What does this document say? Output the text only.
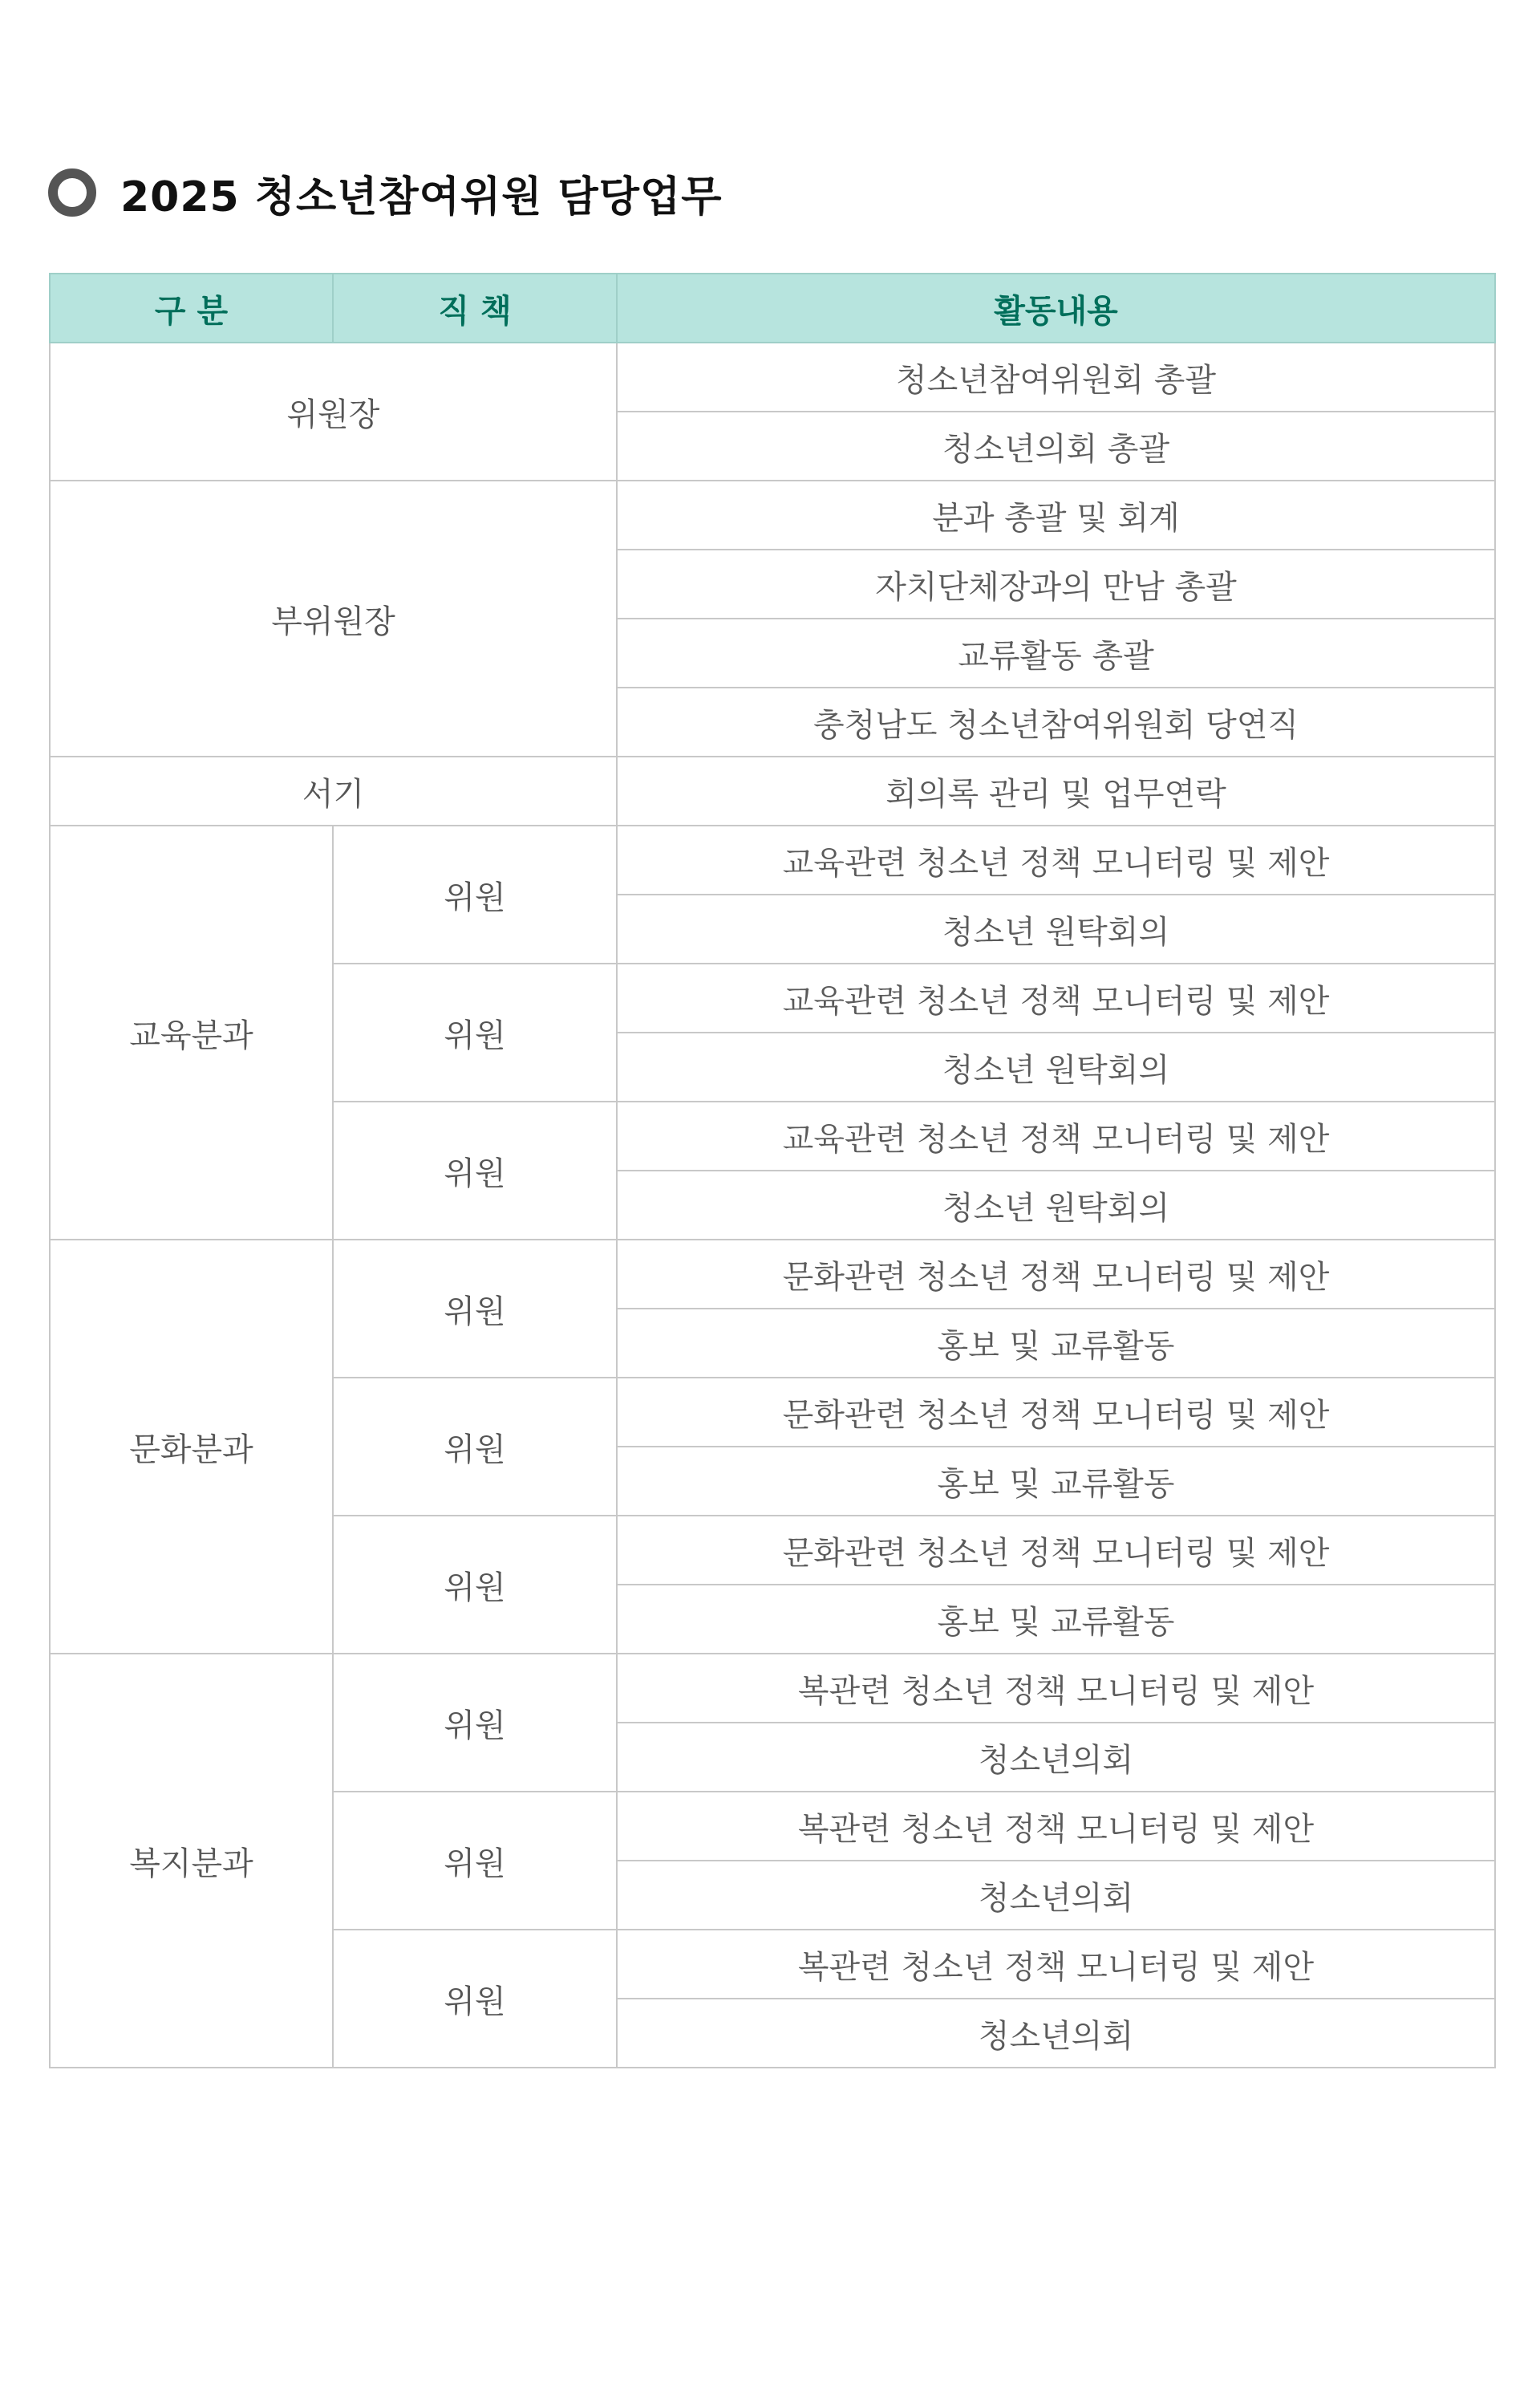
2025 청소년참여위원 담당업무
구 분	직 책	활동내용
위원장		청소년참여위원회 총괄
		청소년의회 총괄
부위원장		분과 총괄 및 회계
		자치단체장과의 만남 총괄
		교류활동 총괄
		충청남도 청소년참여위원회 당연직
서기		회의록 관리 및 업무연락
교육분과	위원	교육관련 청소년 정책 모니터링 및 제안
		청소년 원탁회의
	위원	교육관련 청소년 정책 모니터링 및 제안
		청소년 원탁회의
	위원	교육관련 청소년 정책 모니터링 및 제안
		청소년 원탁회의
문화분과	위원	문화관련 청소년 정책 모니터링 및 제안
		홍보 및 교류활동
	위원	문화관련 청소년 정책 모니터링 및 제안
		홍보 및 교류활동
	위원	문화관련 청소년 정책 모니터링 및 제안
		홍보 및 교류활동
복지분과	위원	복관련 청소년 정책 모니터링 및 제안
		청소년의회
	위원	복관련 청소년 정책 모니터링 및 제안
		청소년의회
	위원	복관련 청소년 정책 모니터링 및 제안
		청소년의회
